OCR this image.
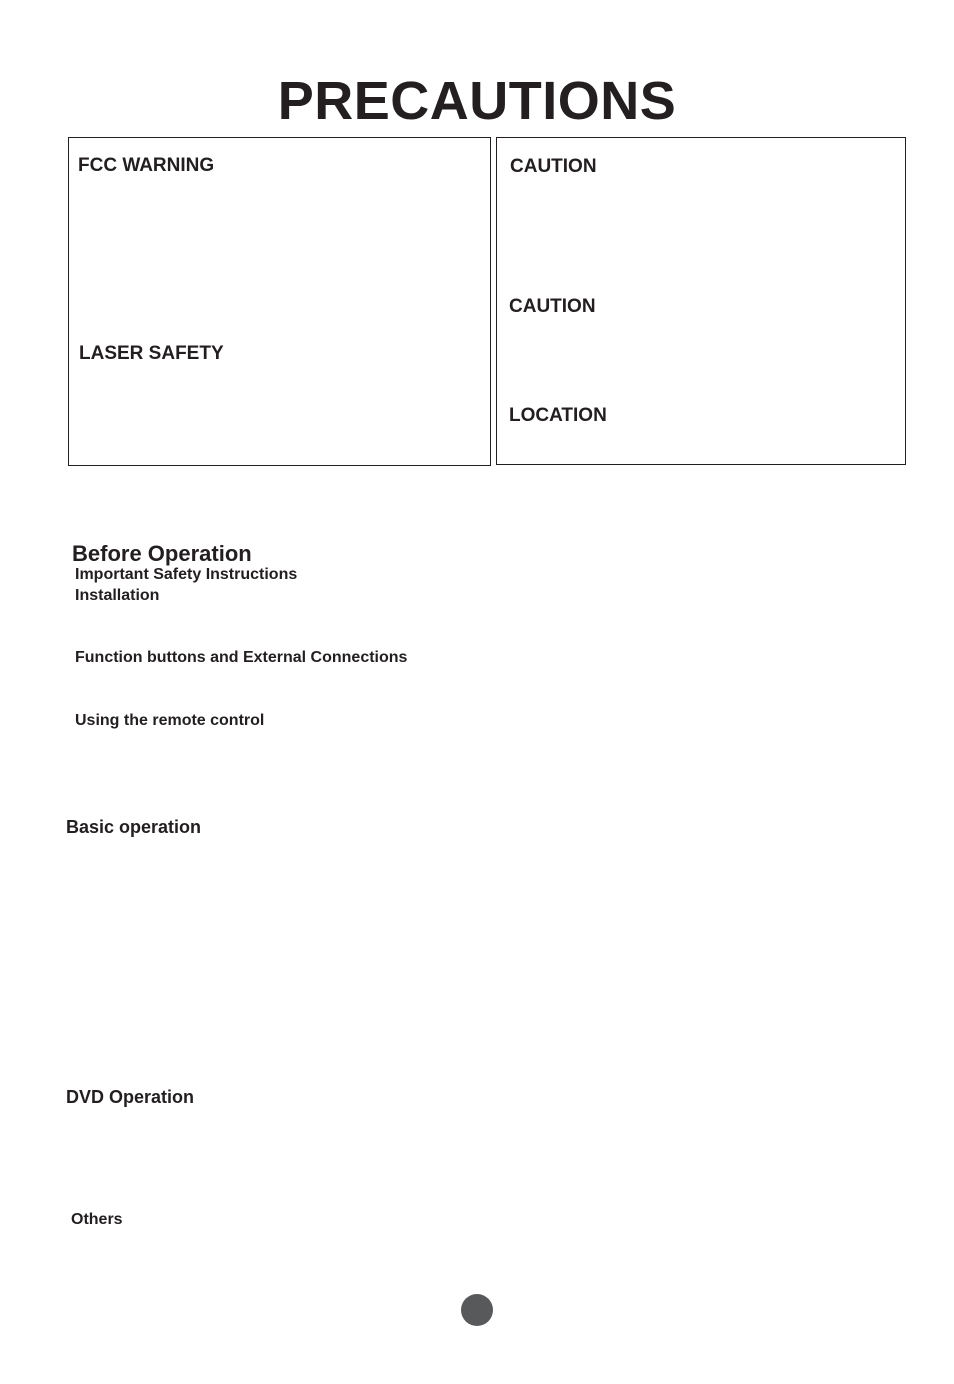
PRECAUTIONS
FCC WARNING
LASER SAFETY
CAUTION
CAUTION
LOCATION
Before Operation
Important Safety Instructions
Installation
Function buttons and External Connections
Using the remote control
Basic operation
DVD Operation
Others
